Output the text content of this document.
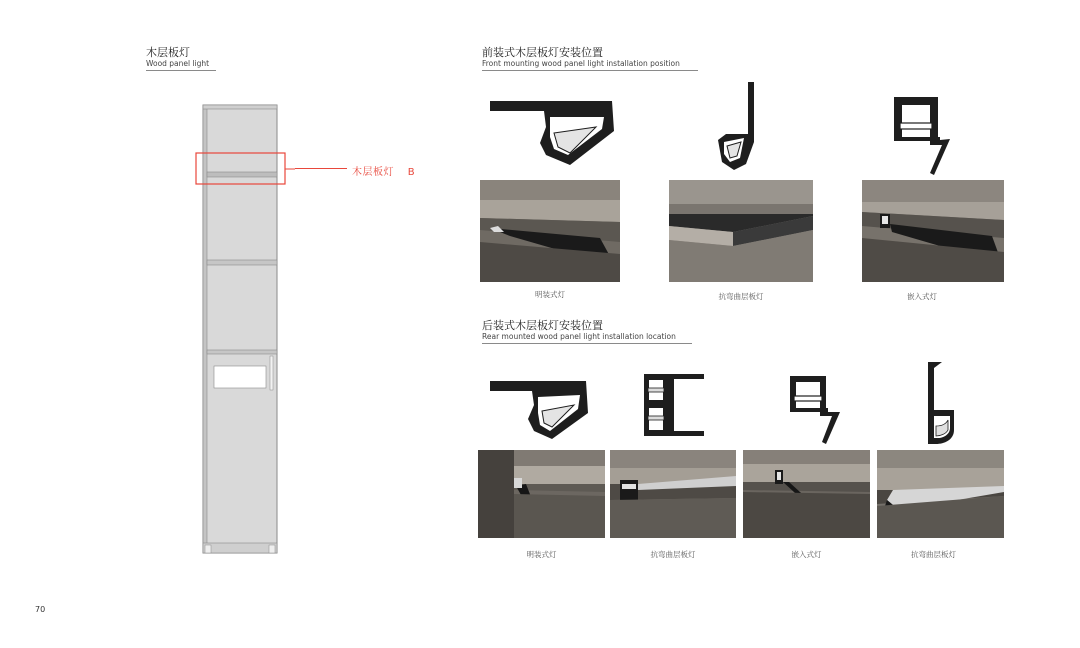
木层板灯
Wood panel light
木层板灯 B
前装式木层板灯安装位置
Front mounting wood panel light installation position
明装式灯	抗弯曲层板灯	嵌入式灯
后装式木层板灯安装位置
Rear mounted wood panel light installation location
明装式灯	抗弯曲层板灯	嵌入式灯	抗弯曲层板灯
70
